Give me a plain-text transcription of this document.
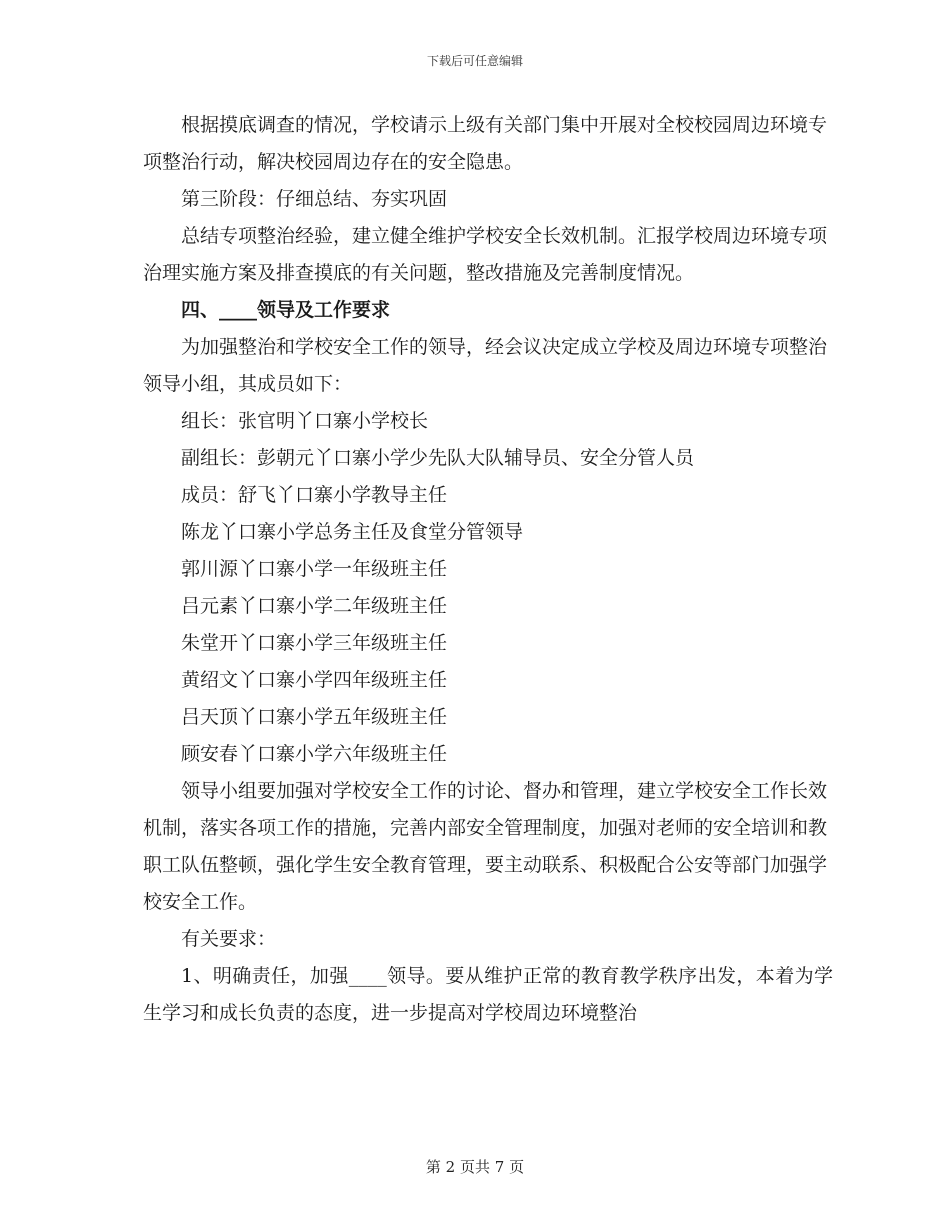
下载后可任意编辑

根据摸底调查的情况，学校请示上级有关部门集中开展对全校校园周边环境专项整治行动，解决校园周边存在的安全隐患。

第三阶段：仔细总结、夯实巩固

总结专项整治经验，建立健全维护学校安全长效机制。汇报学校周边环境专项治理实施方案及排查摸底的有关问题，整改措施及完善制度情况。

四、____领导及工作要求

为加强整治和学校安全工作的领导，经会议决定成立学校及周边环境专项整治领导小组，其成员如下：

组长：张官明丫口寨小学校长

副组长：彭朝元丫口寨小学少先队大队辅导员、安全分管人员

成员：舒飞丫口寨小学教导主任

陈龙丫口寨小学总务主任及食堂分管领导

郭川源丫口寨小学一年级班主任

吕元素丫口寨小学二年级班主任

朱堂开丫口寨小学三年级班主任

黄绍文丫口寨小学四年级班主任

吕天顶丫口寨小学五年级班主任

顾安春丫口寨小学六年级班主任

领导小组要加强对学校安全工作的讨论、督办和管理，建立学校安全工作长效机制，落实各项工作的措施，完善内部安全管理制度，加强对老师的安全培训和教职工队伍整顿，强化学生安全教育管理，要主动联系、积极配合公安等部门加强学校安全工作。

有关要求：

1、明确责任，加强____领导。要从维护正常的教育教学秩序出发，本着为学生学习和成长负责的态度，进一步提高对学校周边环境整治

第 2 页共 7 页
